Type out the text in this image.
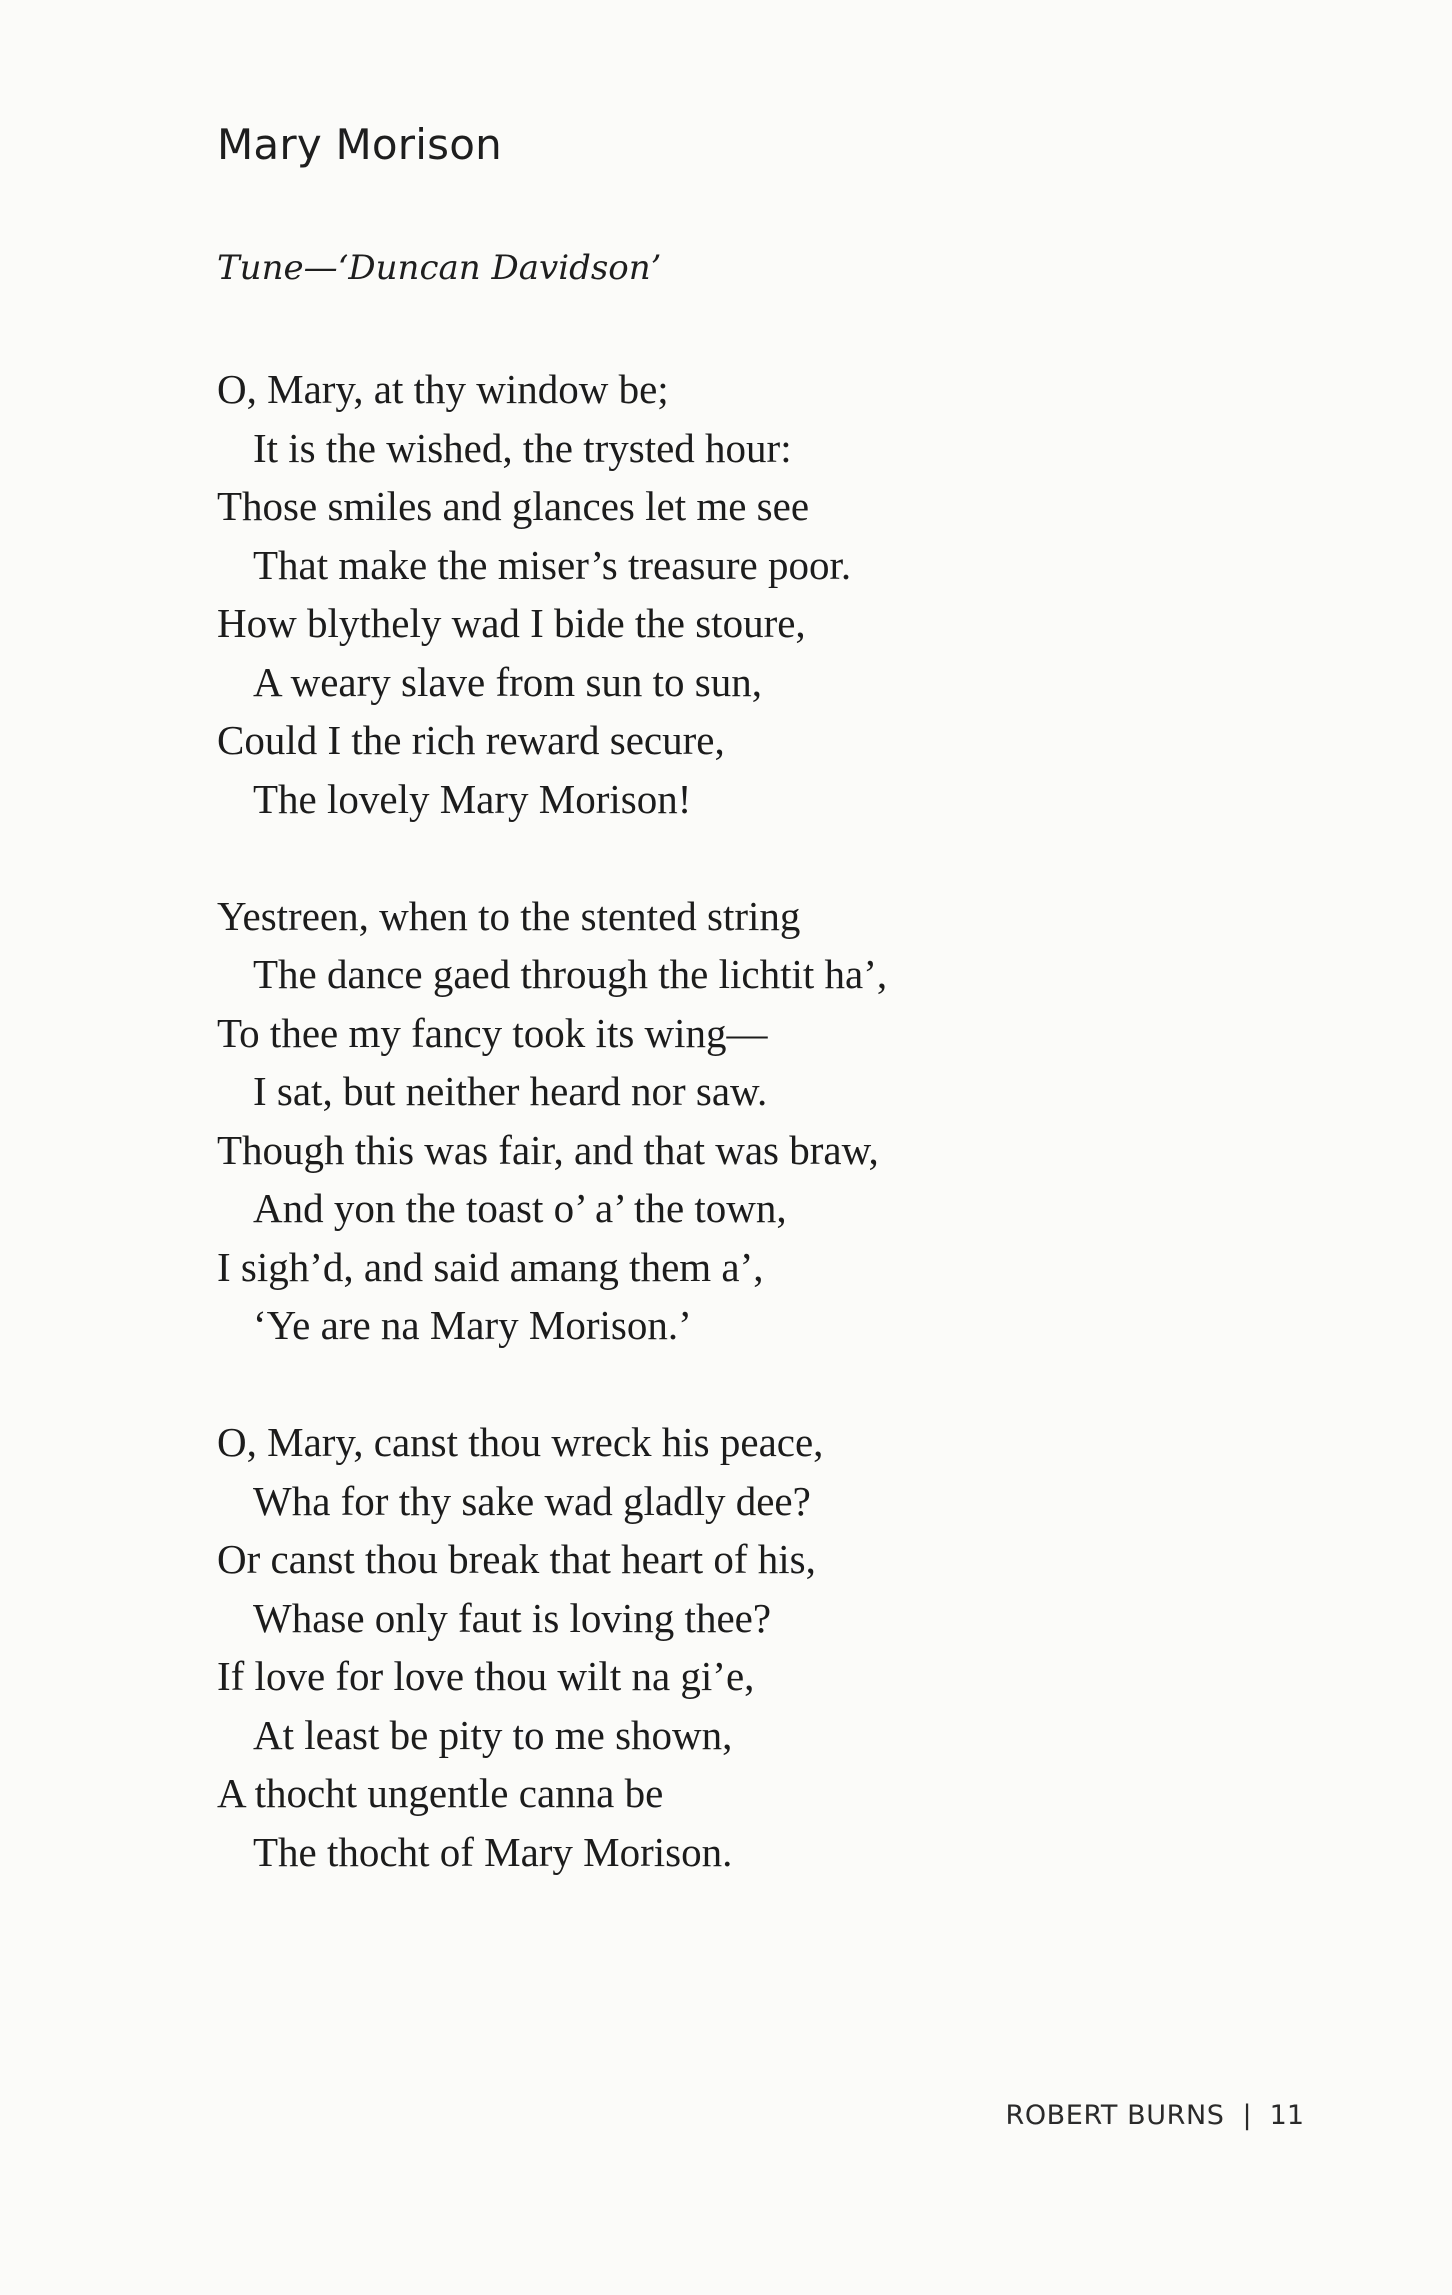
Mary Morison

Tune—‘Duncan Davidson’

O, Mary, at thy window be;
It is the wished, the trysted hour:
Those smiles and glances let me see
That make the miser’s treasure poor.
How blythely wad I bide the stoure,
A weary slave from sun to sun,
Could I the rich reward secure,
The lovely Mary Morison!
Yestreen, when to the stented string
The dance gaed through the lichtit ha’,
To thee my fancy took its wing—
I sat, but neither heard nor saw.
Though this was fair, and that was braw,
And yon the toast o’ a’ the town,
I sigh’d, and said amang them a’,
‘Ye are na Mary Morison.’
O, Mary, canst thou wreck his peace,
Wha for thy sake wad gladly dee?
Or canst thou break that heart of his,
Whase only faut is loving thee?
If love for love thou wilt na gi’e,
At least be pity to me shown,
A thocht ungentle canna be
The thocht of Mary Morison.
ROBERT BURNS | 11
